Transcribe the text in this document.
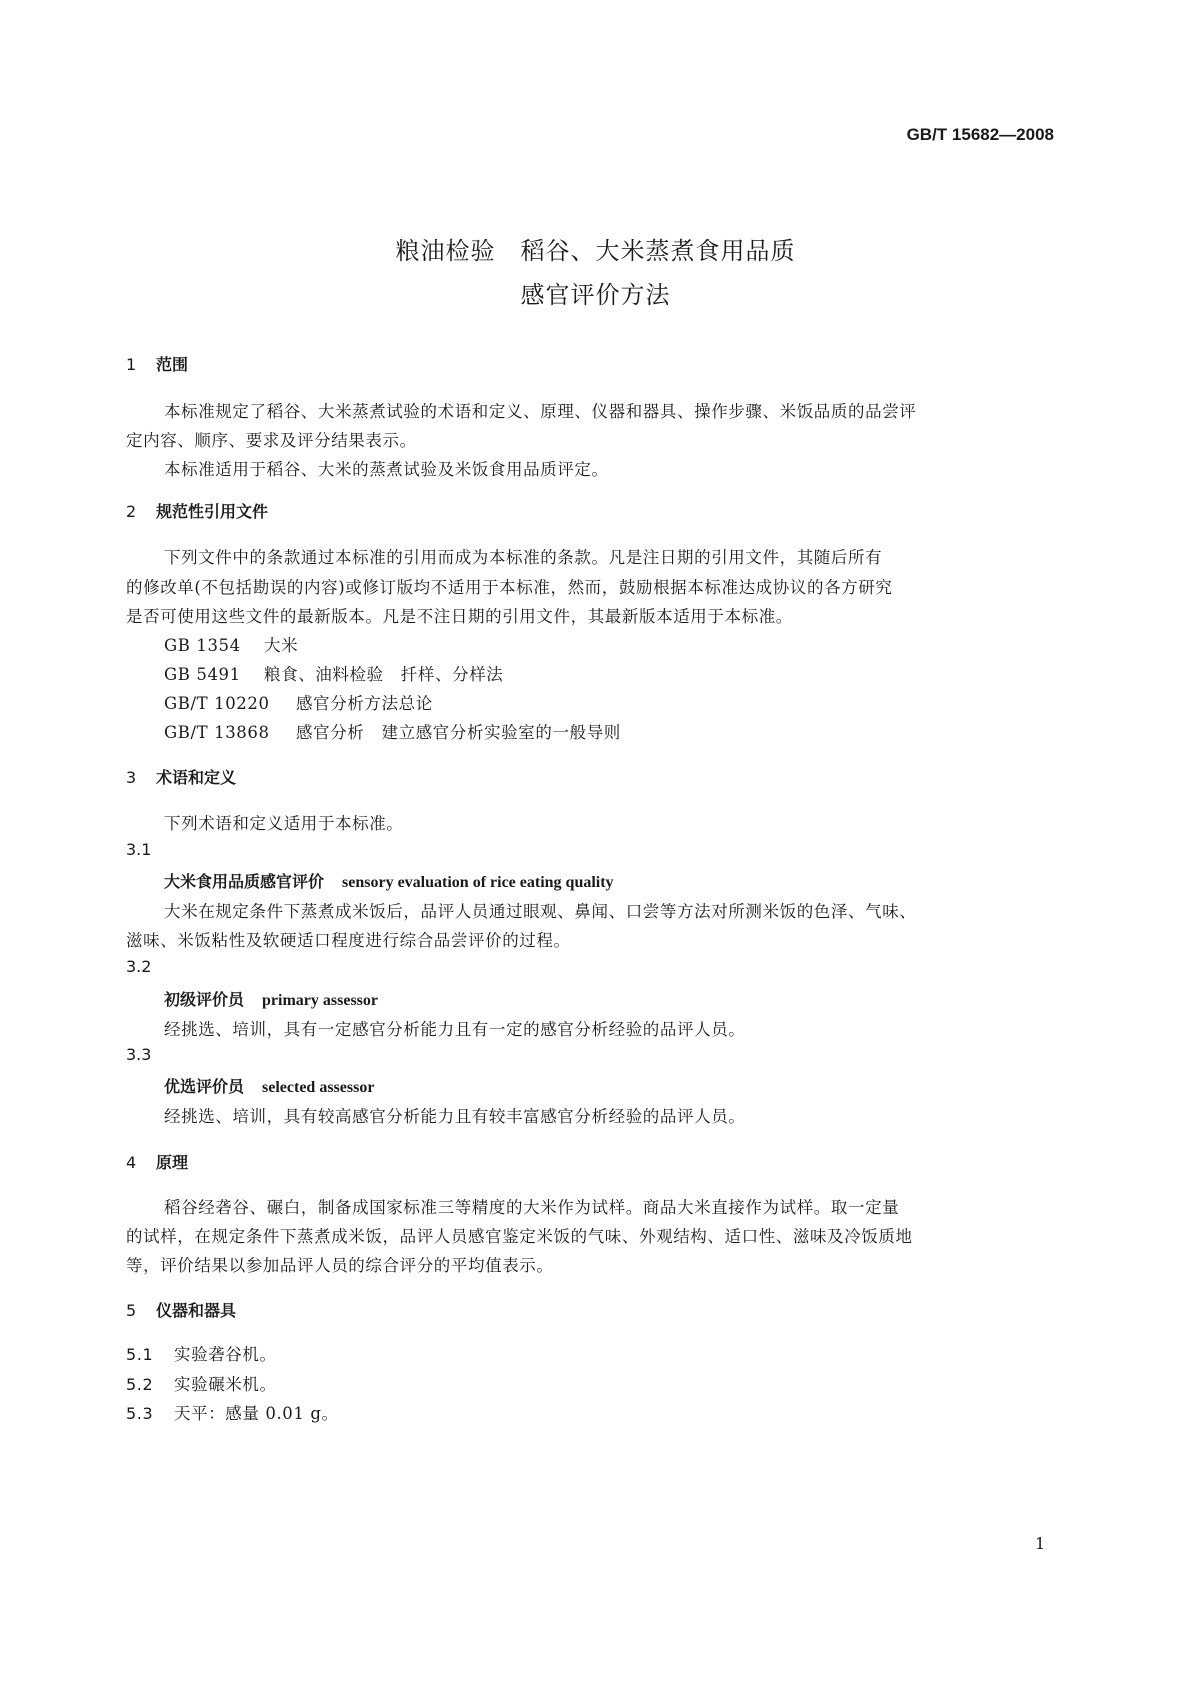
GB/T 15682—2008
粮油检验　稻谷、大米蒸煮食用品质
感官评价方法
1 范围
本标准规定了稻谷、大米蒸煮试验的术语和定义、原理、仪器和器具、操作步骤、米饭品质的品尝评
定内容、顺序、要求及评分结果表示。
本标准适用于稻谷、大米的蒸煮试验及米饭食用品质评定。
2 规范性引用文件
下列文件中的条款通过本标准的引用而成为本标准的条款。凡是注日期的引用文件，其随后所有
的修改单(不包括勘误的内容)或修订版均不适用于本标准，然而，鼓励根据本标准达成协议的各方研究
是否可使用这些文件的最新版本。凡是不注日期的引用文件，其最新版本适用于本标准。
GB 1354 大米
GB 5491 粮食、油料检验　扦样、分样法
GB/T 10220 感官分析方法总论
GB/T 13868 感官分析　建立感官分析实验室的一般导则
3 术语和定义
下列术语和定义适用于本标准。
3.1
大米食用品质感官评价 sensory evaluation of rice eating quality
大米在规定条件下蒸煮成米饭后，品评人员通过眼观、鼻闻、口尝等方法对所测米饭的色泽、气味、
滋味、米饭粘性及软硬适口程度进行综合品尝评价的过程。
3.2
初级评价员 primary assessor
经挑选、培训，具有一定感官分析能力且有一定的感官分析经验的品评人员。
3.3
优选评价员 selected assessor
经挑选、培训，具有较高感官分析能力且有较丰富感官分析经验的品评人员。
4 原理
稻谷经砻谷、碾白，制备成国家标准三等精度的大米作为试样。商品大米直接作为试样。取一定量
的试样，在规定条件下蒸煮成米饭，品评人员感官鉴定米饭的气味、外观结构、适口性、滋味及冷饭质地
等，评价结果以参加品评人员的综合评分的平均值表示。
5 仪器和器具
5.1 实验砻谷机。
5.2 实验碾米机。
5.3 天平：感量 0.01 g。
1
